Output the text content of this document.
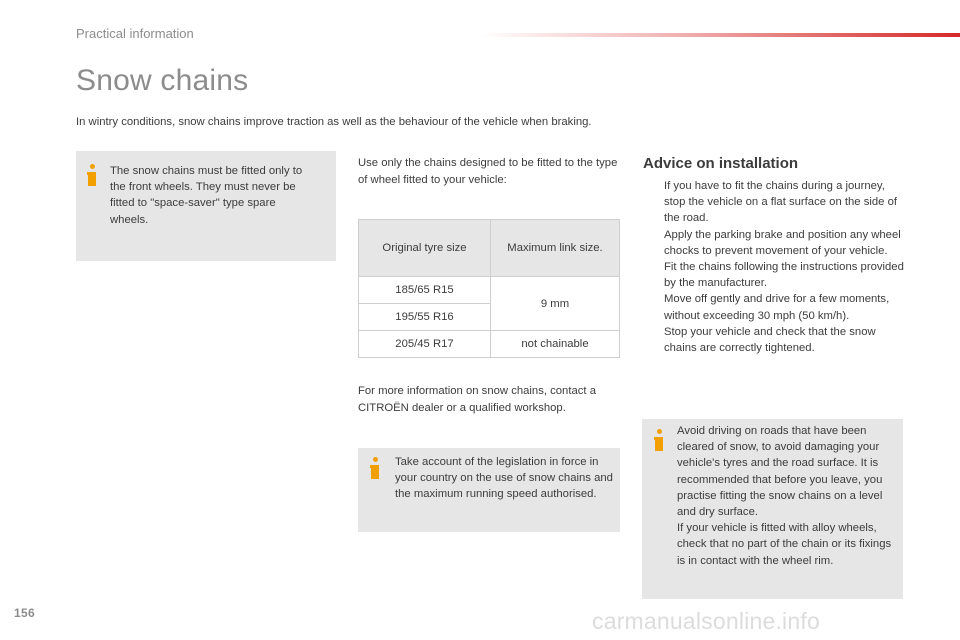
Practical information
Snow chains

In wintry conditions, snow chains improve traction as well as the behaviour of the vehicle when braking.

The snow chains must be fitted only to the front wheels. They must never be fitted to "space-saver" type spare wheels.

Use only the chains designed to be fitted to the type of wheel fitted to your vehicle:

Original tyre size	Maximum link size.
185/65 R15	9 mm
195/55 R16	
205/45 R17	not chainable

For more information on snow chains, contact a CITROËN dealer or a qualified workshop.

Take account of the legislation in force in your country on the use of snow chains and the maximum running speed authorised.

Advice on installation
If you have to fit the chains during a journey, stop the vehicle on a flat surface on the side of the road.
Apply the parking brake and position any wheel chocks to prevent movement of your vehicle.
Fit the chains following the instructions provided by the manufacturer.
Move off gently and drive for a few moments, without exceeding 30 mph (50 km/h).
Stop your vehicle and check that the snow chains are correctly tightened.

Avoid driving on roads that have been cleared of snow, to avoid damaging your vehicle's tyres and the road surface. It is recommended that before you leave, you practise fitting the snow chains on a level and dry surface.

If your vehicle is fitted with alloy wheels, check that no part of the chain or its fixings is in contact with the wheel rim.

156	carmanualsonline.info
